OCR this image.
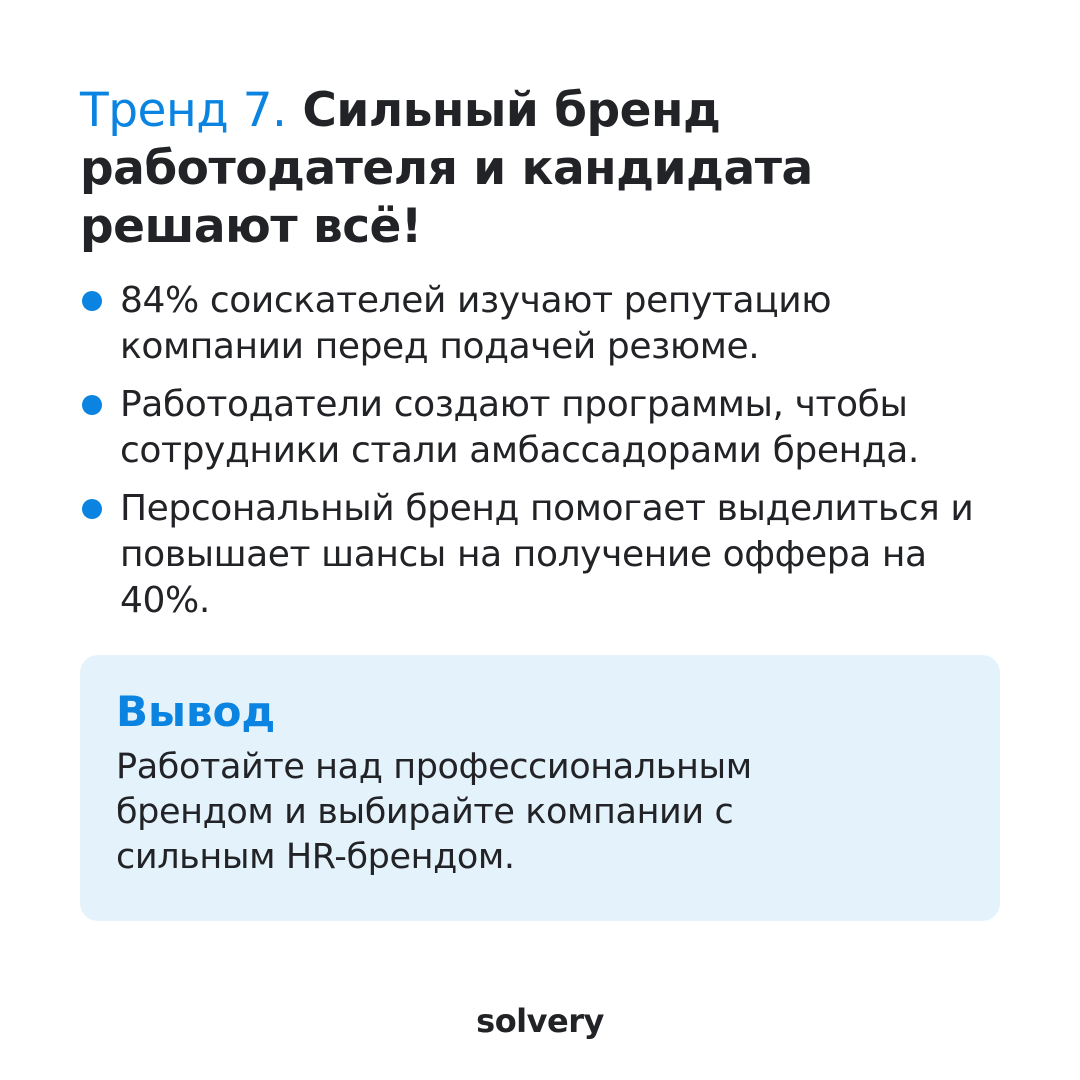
Тренд 7. Сильный бренд работодателя и кандидата решают всё!
84% соискателей изучают репутацию компании перед подачей резюме.
Работодатели создают программы, чтобы сотрудники стали амбассадорами бренда.
Персональный бренд помогает выделиться и повышает шансы на получение оффера на 40%.
Вывод

Работайте над профессиональным брендом и выбирайте компании с сильным HR-брендом.

solvery
